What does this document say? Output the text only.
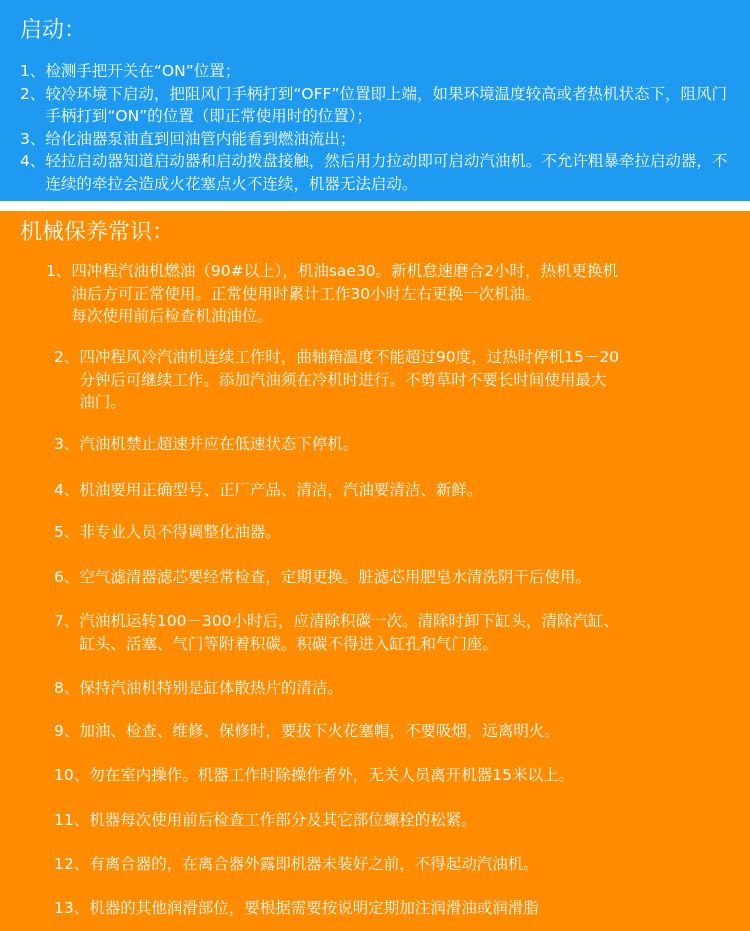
启动：
1、 检测手把开关在“ON”位置；
2、 较冷环境下启动，把阻风门手柄打到“OFF”位置即上端，如果环境温度较高或者热机状态下，阻风门手柄打到“ON”的位置（即正常使用时的位置）；
3、 给化油器泵油直到回油管内能看到燃油流出；
4、 轻拉启动器知道启动器和启动拨盘接触，然后用力拉动即可启动汽油机。不允许粗暴牵拉启动器，不连续的牵拉会造成火花塞点火不连续，机器无法启动。
机械保养常识：
1、 四冲程汽油机燃油（90#以上），机油sae30。新机怠速磨合2小时，热机更换机
油后方可正常使用。正常使用时累计工作30小时左右更换一次机油。
每次使用前后检查机油油位。
2、 四冲程风冷汽油机连续工作时，曲轴箱温度不能超过90度，过热时停机15－20
分钟后可继续工作。添加汽油须在冷机时进行。不剪草时不要长时间使用最大
油门。
3、 汽油机禁止超速并应在低速状态下停机。
4、 机油要用正确型号、正厂产品、清洁，汽油要清洁、新鲜。
5、 非专业人员不得调整化油器。
6、 空气滤清器滤芯要经常检查，定期更换。脏滤芯用肥皂水清洗阴干后使用。
7、 汽油机运转100－300小时后，应清除积碳一次。清除时卸下缸头，清除汽缸、
缸头、活塞、气门等附着积碳。积碳不得进入缸孔和气门座。
8、 保持汽油机特别是缸体散热片的清洁。
9、 加油、检查、维修、保修时，要拔下火花塞帽，不要吸烟，远离明火。
10、 勿在室内操作。机器工作时除操作者外，无关人员离开机器15米以上。
11、 机器每次使用前后检查工作部分及其它部位螺栓的松紧。
12、 有离合器的，在离合器外露即机器未装好之前，不得起动汽油机。
13、 机器的其他润滑部位，要根据需要按说明定期加注润滑油或润滑脂
